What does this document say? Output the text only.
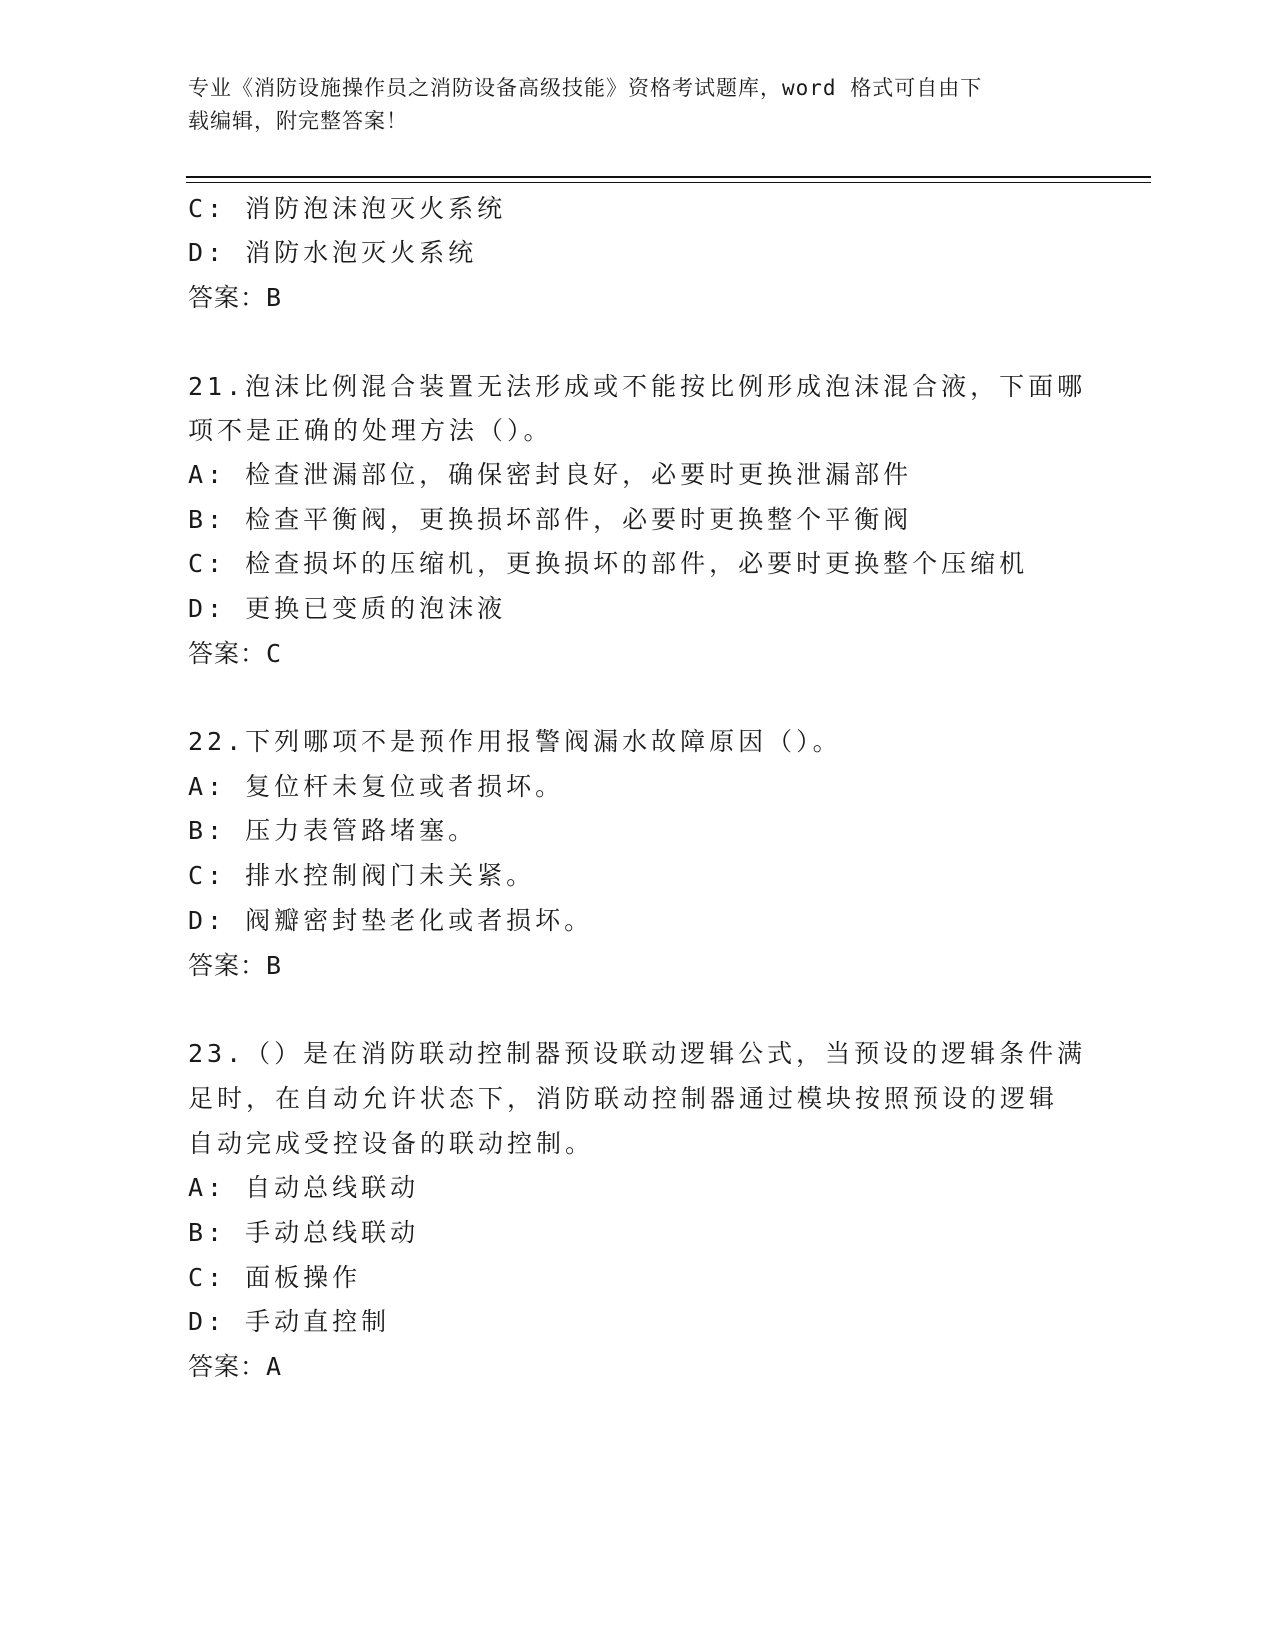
专业《消防设施操作员之消防设备高级技能》资格考试题库，word 格式可自由下
载编辑，附完整答案！
C: 消防泡沫泡灭火系统
D: 消防水泡灭火系统
答案：B
21.泡沫比例混合装置无法形成或不能按比例形成泡沫混合液，下面哪
项不是正确的处理方法（）。
A: 检查泄漏部位，确保密封良好，必要时更换泄漏部件
B: 检查平衡阀，更换损坏部件，必要时更换整个平衡阀
C: 检查损坏的压缩机，更换损坏的部件，必要时更换整个压缩机
D: 更换已变质的泡沫液
答案：C
22.下列哪项不是预作用报警阀漏水故障原因（）。
A: 复位杆未复位或者损坏。
B: 压力表管路堵塞。
C: 排水控制阀门未关紧。
D: 阀瓣密封垫老化或者损坏。
答案：B
23.（）是在消防联动控制器预设联动逻辑公式，当预设的逻辑条件满
足时，在自动允许状态下，消防联动控制器通过模块按照预设的逻辑
自动完成受控设备的联动控制。
A: 自动总线联动
B: 手动总线联动
C: 面板操作
D: 手动直控制
答案：A
